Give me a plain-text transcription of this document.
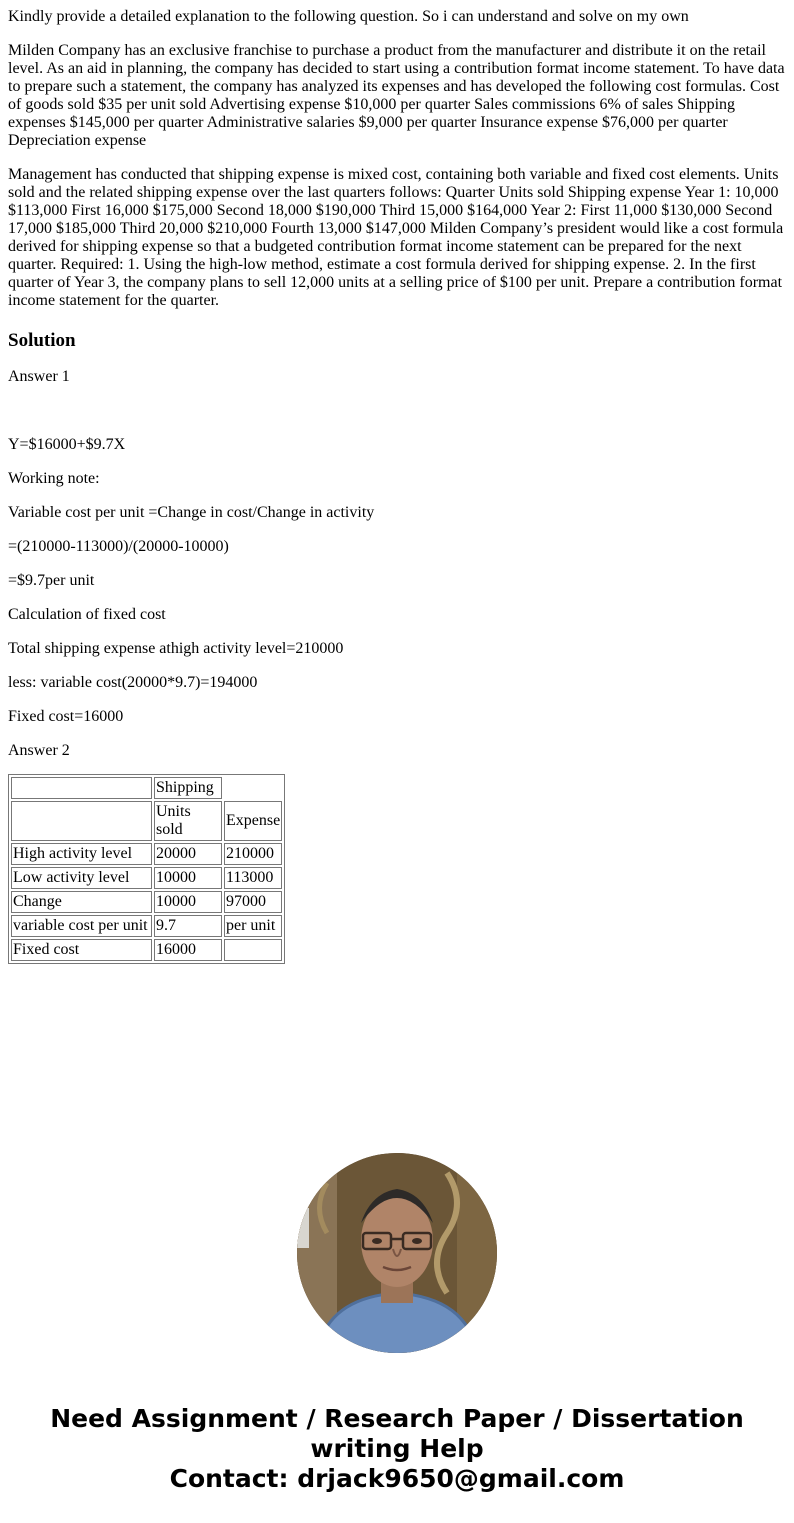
Kindly provide a detailed explanation to the following question. So i can understand and solve on my own

Milden Company has an exclusive franchise to purchase a product from the manufacturer and distribute it on the retail level. As an aid in planning, the company has decided to start using a contribution format income statement. To have data to prepare such a statement, the company has analyzed its expenses and has developed the following cost formulas. Cost of goods sold $35 per unit sold Advertising expense $10,000 per quarter Sales commissions 6% of sales Shipping expenses $145,000 per quarter Administrative salaries $9,000 per quarter Insurance expense $76,000 per quarter Depreciation expense

Management has conducted that shipping expense is mixed cost, containing both variable and fixed cost elements. Units sold and the related shipping expense over the last quarters follows: Quarter Units sold Shipping expense Year 1: 10,000 $113,000 First 16,000 $175,000 Second 18,000 $190,000 Third 15,000 $164,000 Year 2: First 11,000 $130,000 Second 17,000 $185,000 Third 20,000 $210,000 Fourth 13,000 $147,000 Milden Company’s president would like a cost formula derived for shipping expense so that a budgeted contribution format income statement can be prepared for the next quarter. Required: 1. Using the high-low method, estimate a cost formula derived for shipping expense. 2. In the first quarter of Year 3, the company plans to sell 12,000 units at a selling price of $100 per unit. Prepare a contribution format income statement for the quarter.

Solution

Answer 1

Y=$16000+$9.7X

Working note:

Variable cost per unit =Change in cost/Change in activity

=(210000-113000)/(20000-10000)

=$9.7per unit

Calculation of fixed cost

Total shipping expense athigh activity level=210000

less: variable cost(20000*9.7)=194000

Fixed cost=16000

Answer 2

	Shipping	
	Units sold	Expense
High activity level	20000	210000
Low activity level	10000	113000
Change	10000	97000
variable cost per unit	9.7	per unit
Fixed cost	16000	
Need Assignment / Research Paper / Dissertation
writing Help
Contact: drjack9650@gmail.com
